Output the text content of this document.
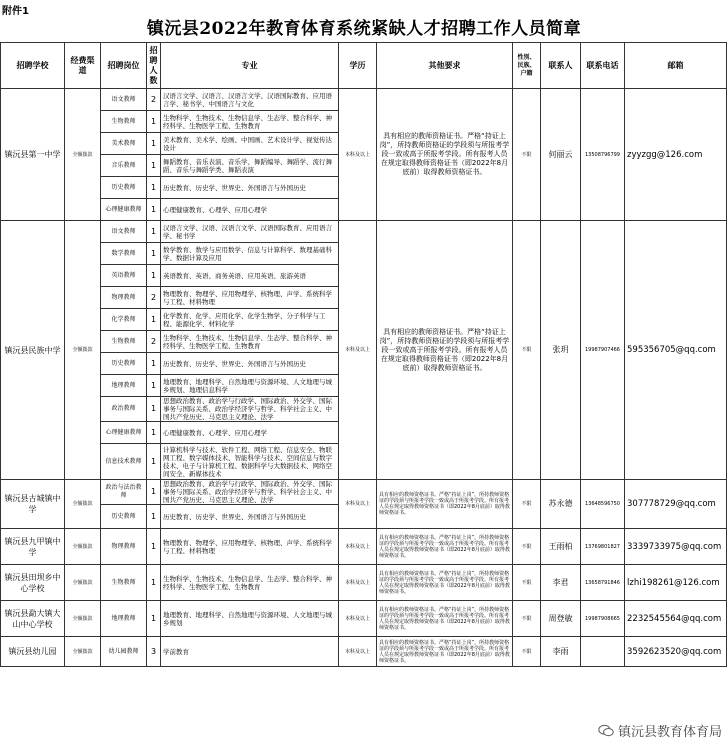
附件1
镇沅县2022年教育体育系统紧缺人才招聘工作人员简章
招聘学校	经费渠道	招聘岗位	招聘人数	专业	学历	其他要求	性别、民族、户籍	联系人	联系电话	邮箱
镇沅县第一中学	全额拨款	语文教师	2	汉语言文学、汉语言、汉语言文学、汉语国际教育、应用语言学、秘书学、中国语言与文化	本科及以上	具有相应的教师资格证书。严格“持证上岗”，所持教师资格证的学段须与所报考学段一致或高于所报考学段。所有报考人员在规定取得教师资格证书（即2022年8月底前）取得教师资格证书。	不限	何丽云	13508796799	zyyzgg@126.com
		生物教师	1	生物科学、生物技术、生物信息学、生态学、整合科学、神经科学、生物医学工程、生物教育						
		美术教师	1	美术教育、美术学、绘画、中国画、艺术设计学、视觉传达设计						
		音乐教师	1	舞蹈教育、音乐表演、音乐学、舞蹈编导、舞蹈学、流行舞蹈、音乐与舞蹈学类、舞蹈表演						
		历史教师	1	历史教育、历史学、世界史、外国语言与外国历史						
		心理健康教师	1	心理健康教育、心理学、应用心理学						
镇沅县民族中学	全额拨款	语文教师	1	汉语言文学、汉语、汉语言文学、汉语国际教育、应用语言学、秘书学	本科及以上	具有相应的教师资格证书。严格“持证上岗”，所持教师资格证的学段须与所报考学段一致或高于所报考学段。所有报考人员在规定取得教师资格证书（即2022年8月底前）取得教师资格证书。	不限	张玥	19987907466	595356705@qq.com
		数学教师	1	数学教育、数学与应用数学、信息与计算科学、数理基础科学、数据计算及应用						
		英语教师	1	英语教育、英语、商务英语、应用英语、旅游英语						
		物理教师	2	物理教育、物理学、应用物理学、核物理、声学、系统科学与工程、材料物理						
		化学教师	1	化学教育、化学、应用化学、化学生物学、分子科学与工程、能源化学、材料化学						
		生物教师	2	生物科学、生物技术、生物信息学、生态学、整合科学、神经科学、生物医学工程、生物教育						
		历史教师	1	历史教育、历史学、世界史、外国语言与外国历史						
		地理教师	1	地理教育、地理科学、自然地理与资源环境、人文地理与城乡规划、地理信息科学						
		政治教师	1	思想政治教育、政治学与行政学、国际政治、外交学、国际事务与国际关系、政治学经济学与哲学、科学社会主义、中国共产党历史、马克思主义理论、法学						
		心理健康教师	1	心理健康教育、心理学、应用心理学						
		信息技术教师	1	计算机科学与技术、软件工程、网络工程、信息安全、物联网工程、数字媒体技术、智能科学与技术、空间信息与数字技术、电子与计算机工程、数据科学与大数据技术、网络空间安全、新媒体技术						
镇沅县古城镇中学	全额拨款	政治与法治教师	1	思想政治教育、政治学与行政学、国际政治、外交学、国际事务与国际关系、政治学经济学与哲学、科学社会主义、中国共产党历史、马克思主义理论、法学	本科及以上	具有相应的教师资格证书。严格“持证上岗”，所持教师资格证的学段须与所报考学段一致或高于所报考学段。所有报考人员在规定取得教师资格证书（即2022年8月底前）取得教师资格证书。	不限	苏永德	13648596750	307778729@qq.com
		历史教师	1	历史教育、历史学、世界史、外国语言与外国历史						
镇沅县九甲镇中学	全额拨款	物理教师	1	物理教育、物理学、应用物理学、核物理、声学、系统科学与工程、材料物理	本科及以上	具有相应的教师资格证书。严格“持证上岗”，所持教师资格证的学段须与所报考学段一致或高于所报考学段。所有报考人员在规定取得教师资格证书（即2022年8月底前）取得教师资格证书。	不限	王雨柏	13769801827	3339733975@qq.com
镇沅县田坝乡中心学校	全额拨款	生物教师	1	生物科学、生物技术、生物信息学、生态学、整合科学、神经科学、生物医学工程、生物教育	本科及以上	具有相应的教师资格证书。严格“持证上岗”，所持教师资格证的学段须与所报考学段一致或高于所报考学段。所有报考人员在规定取得教师资格证书（即2022年8月底前）取得教师资格证书。	不限	李君	13658791846	lzhi198261@126.com
镇沅县勐大镇大山中心学校	全额拨款	地理教师	1	地理教育、地理科学、自然地理与资源环境、人文地理与城乡规划	本科及以上	具有相应的教师资格证书。严格“持证上岗”，所持教师资格证的学段须与所报考学段一致或高于所报考学段。所有报考人员在规定取得教师资格证书（即2022年8月底前）取得教师资格证书。	不限	周登敏	19987908665	2232545564@qq.com
镇沅县幼儿园	全额拨款	幼儿园教师	3	学前教育	本科及以上	具有相应的教师资格证书。严格“持证上岗”，所持教师资格证的学段须与所报考学段一致或高于所报考学段。所有报考人员在规定取得教师资格证书（即2022年8月底前）取得教师资格证书。	不限	李雨		3592623520@qq.com
镇沅县教育体育局
